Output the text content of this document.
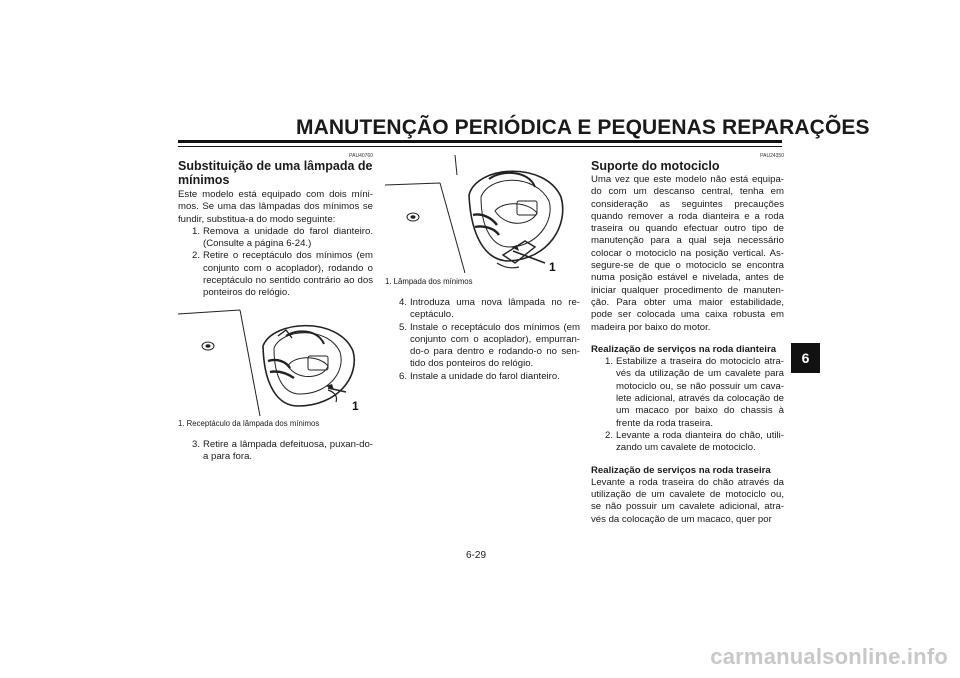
MANUTENÇÃO PERIÓDICA E PEQUENAS REPARAÇÕES
6
PAU40760
Substituição de uma lâmpada de mínimos

Este modelo está equipado com dois míni-mos. Se uma das lâmpadas dos mínimos se fundir, substitua-a do modo seguinte:

1. Remova a unidade do farol dianteiro. (Consulte a página 6-24.)
2. Retire o receptáculo dos mínimos (em conjunto com o acoplador), rodando o receptáculo no sentido contrário ao dos ponteiros do relógio.
1
1. Receptáculo da lâmpada dos mínimos
3. Retire a lâmpada defeituosa, puxan-do-a para fora.
1
1. Lâmpada dos mínimos
4. Introduza uma nova lâmpada no re-ceptáculo.
5. Instale o receptáculo dos mínimos (em conjunto com o acoplador), empurran-do-o para dentro e rodando-o no sen-tido dos ponteiros do relógio.
6. Instale a unidade do farol dianteiro.
PAU24350
Suporte do motociclo

Uma vez que este modelo não está equipa-do com um descanso central, tenha em consideração as seguintes precauções quando remover a roda dianteira e a roda traseira ou quando efectuar outro tipo de manutenção para a qual seja necessário colocar o motociclo na posição vertical. As-segure-se de que o motociclo se encontra numa posição estável e nivelada, antes de iniciar qualquer procedimento de manuten-ção. Para obter uma maior estabilidade, pode ser colocada uma caixa robusta em madeira por baixo do motor.

Realização de serviços na roda dianteira
1. Estabilize a traseira do motociclo atra-vés da utilização de um cavalete para motociclo ou, se não possuir um cava-lete adicional, através da colocação de um macaco por baixo do chassis à frente da roda traseira.
2. Levante a roda dianteira do chão, utili-zando um cavalete de motociclo.
Realização de serviços na roda traseira

Levante a roda traseira do chão através da utilização de um cavalete de motociclo ou, se não possuir um cavalete adicional, atra-vés da colocação de um macaco, quer por

6-29
carmanualsonline.info
